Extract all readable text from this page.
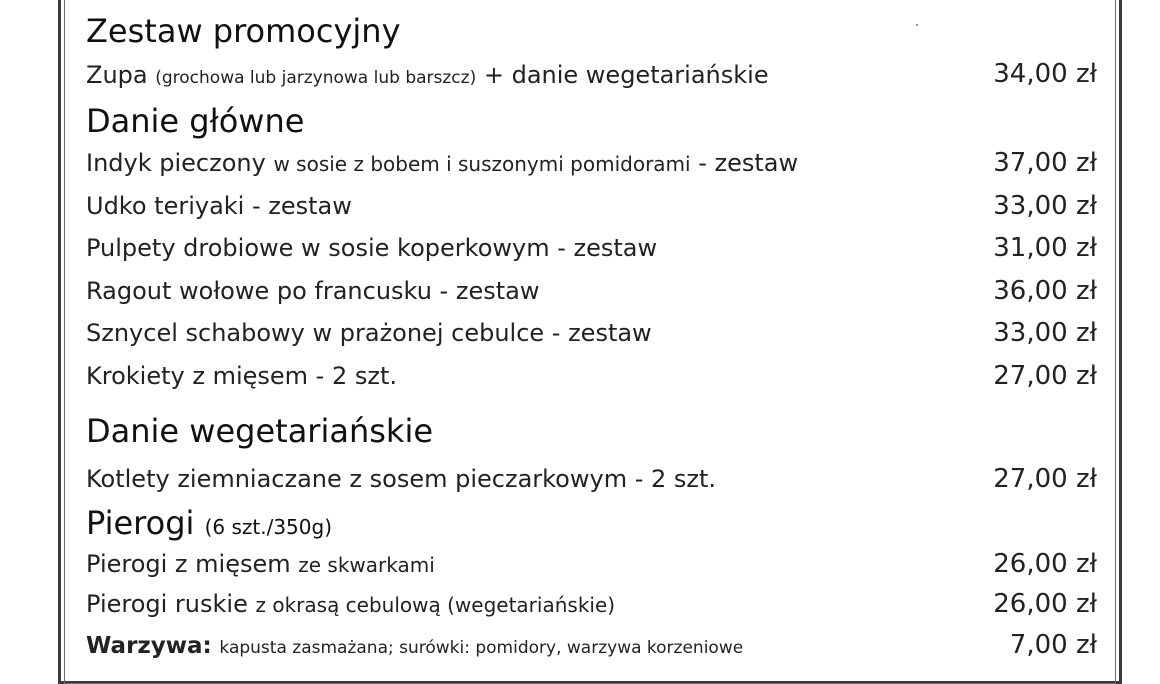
Zestaw promocyjny
Zupa (grochowa lub jarzynowa lub barszcz) + danie wegetariańskie	34,00 zł
Danie główne
Indyk pieczony w sosie z bobem i suszonymi pomidorami - zestaw	37,00 zł
Udko teriyaki - zestaw	33,00 zł
Pulpety drobiowe w sosie koperkowym - zestaw	31,00 zł
Ragout wołowe po francusku - zestaw	36,00 zł
Sznycel schabowy w prażonej cebulce - zestaw	33,00 zł
Krokiety z mięsem - 2 szt.	27,00 zł
Danie wegetariańskie
Kotlety ziemniaczane z sosem pieczarkowym - 2 szt.	27,00 zł
Pierogi (6 szt./350g)
Pierogi z mięsem ze skwarkami	26,00 zł
Pierogi ruskie z okrasą cebulową (wegetariańskie)	26,00 zł
Warzywa: kapusta zasmażana; surówki: pomidory, warzywa korzeniowe	7,00 zł
